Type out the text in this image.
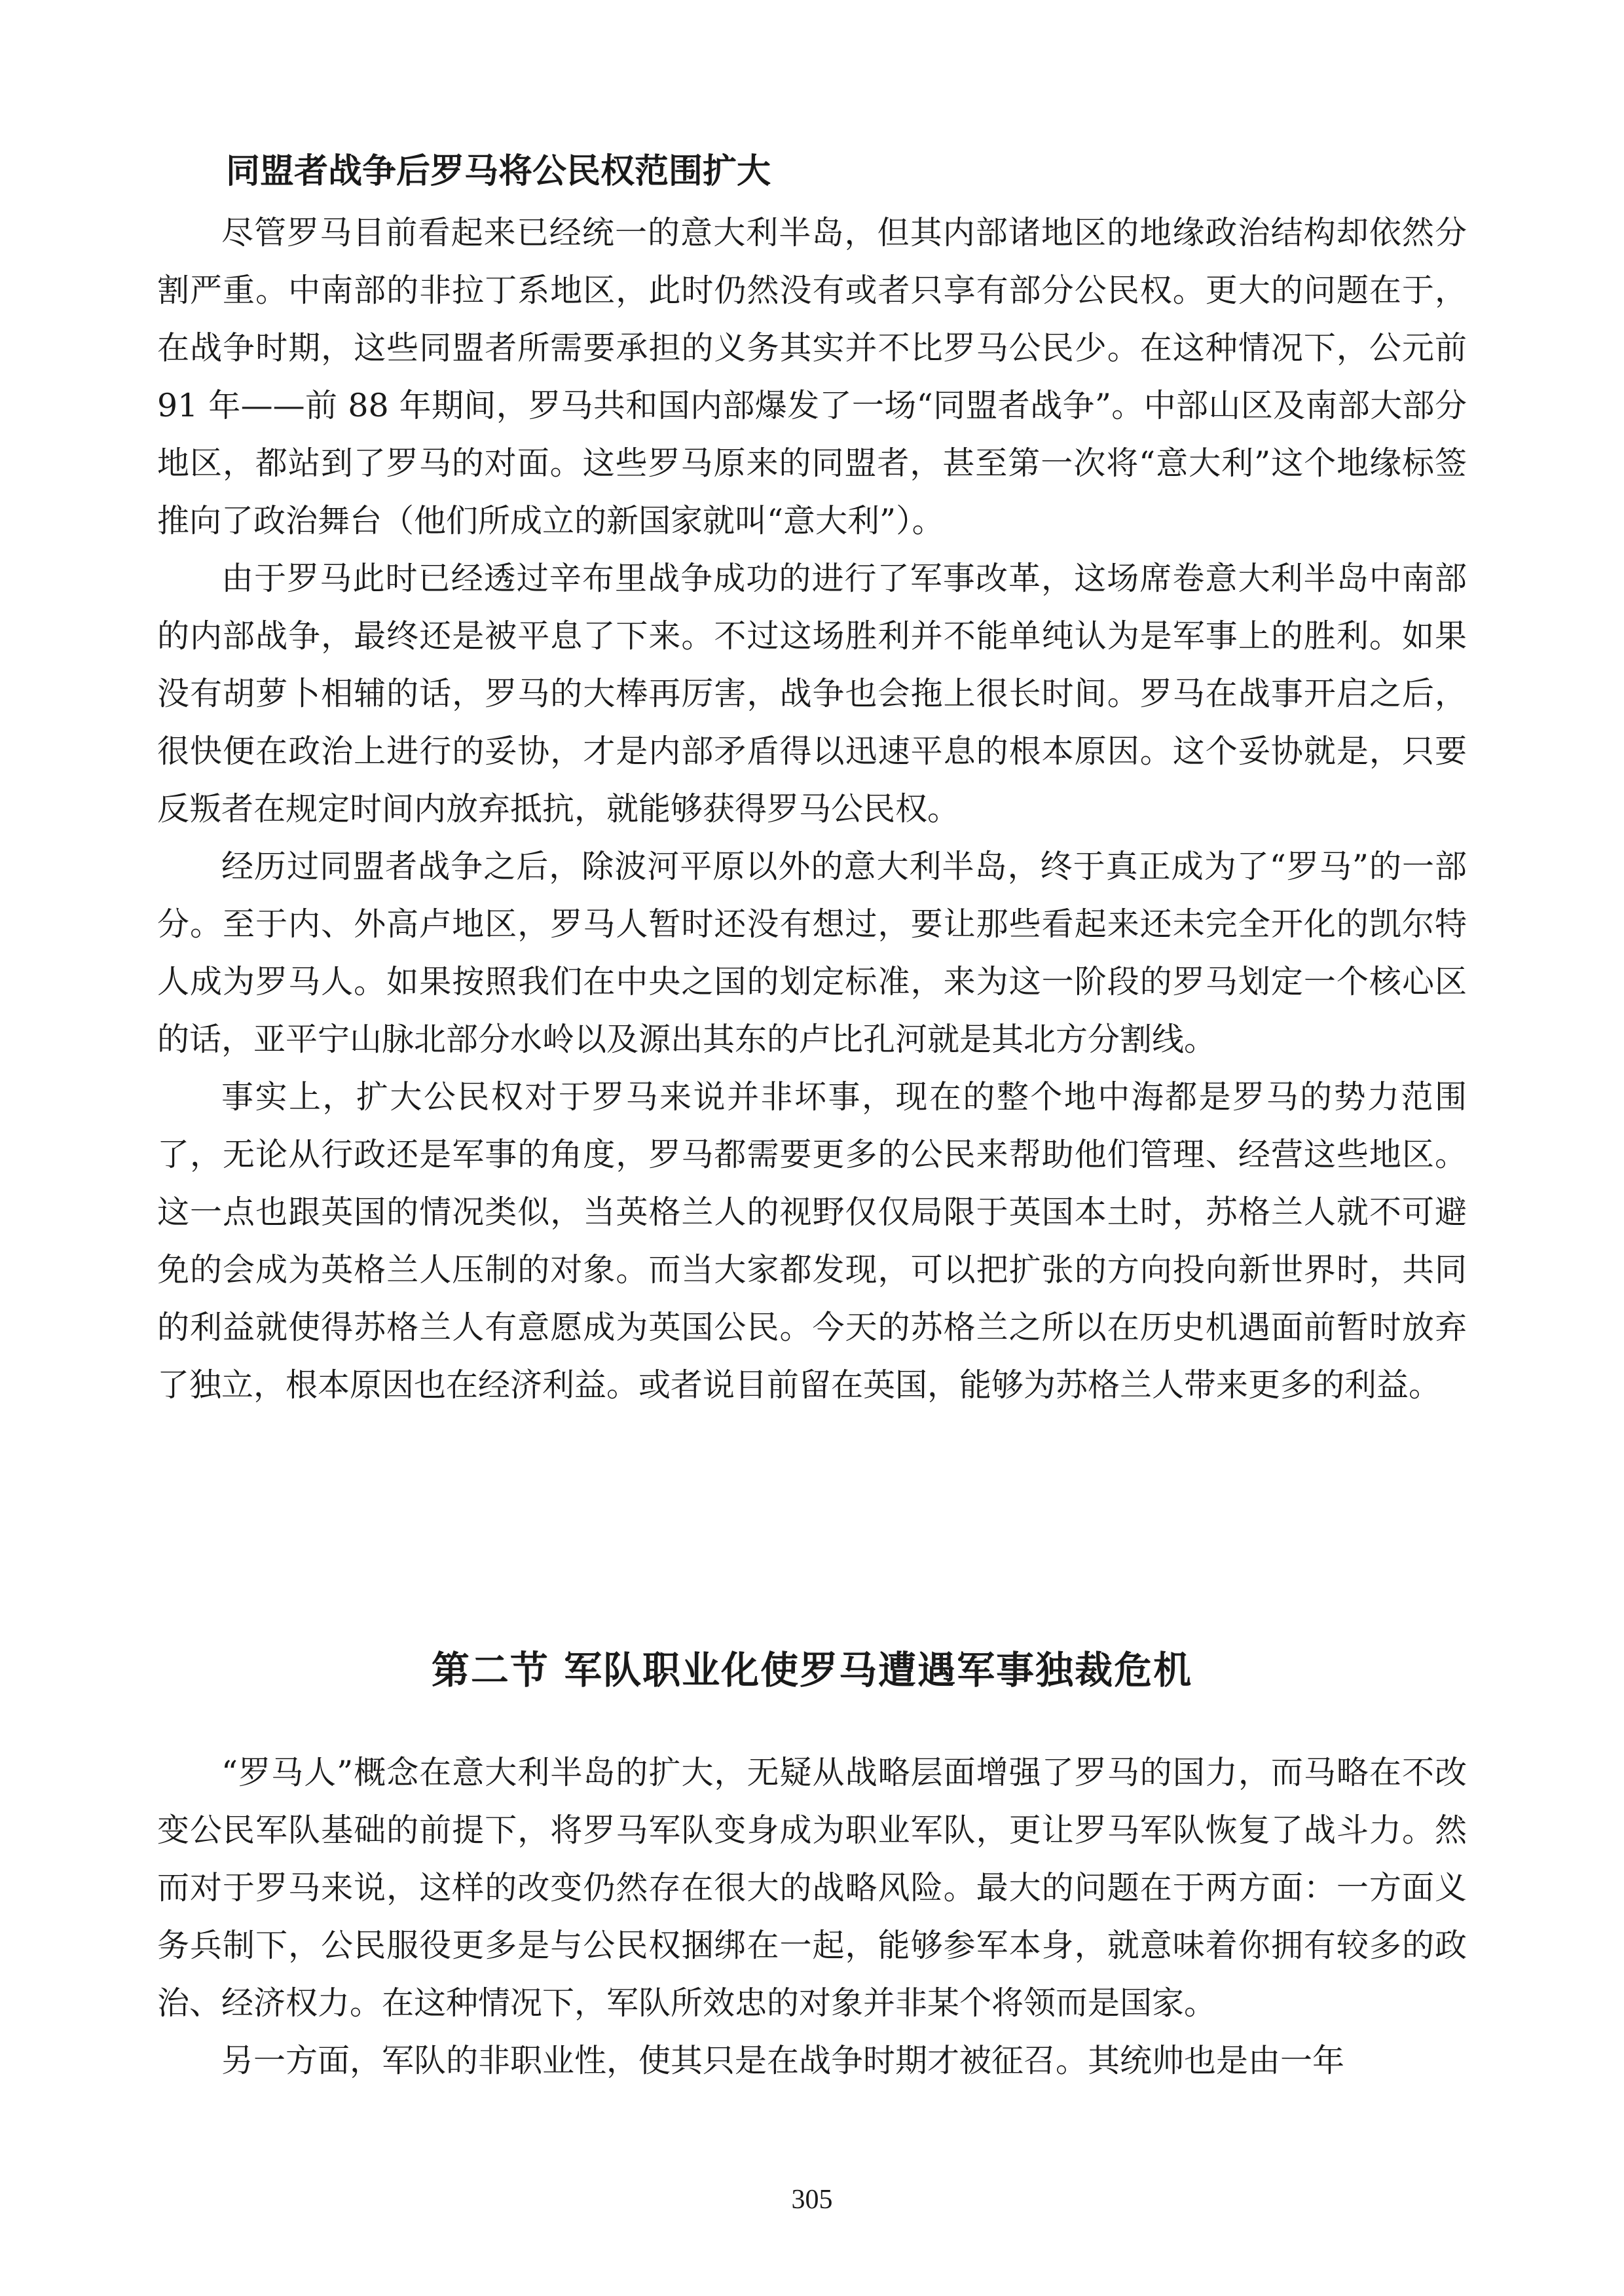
同盟者战争后罗马将公民权范围扩大

尽管罗马目前看起来已经统一的意大利半岛，但其内部诸地区的地缘政治结构却依然分割严重。中南部的非拉丁系地区，此时仍然没有或者只享有部分公民权。更大的问题在于，在战争时期，这些同盟者所需要承担的义务其实并不比罗马公民少。在这种情况下，公元前 91 年——前 88 年期间，罗马共和国内部爆发了一场“同盟者战争”。中部山区及南部大部分地区，都站到了罗马的对面。这些罗马原来的同盟者，甚至第一次将“意大利”这个地缘标签推向了政治舞台（他们所成立的新国家就叫“意大利”）。

由于罗马此时已经透过辛布里战争成功的进行了军事改革，这场席卷意大利半岛中南部的内部战争，最终还是被平息了下来。不过这场胜利并不能单纯认为是军事上的胜利。如果没有胡萝卜相辅的话，罗马的大棒再厉害，战争也会拖上很长时间。罗马在战事开启之后，很快便在政治上进行的妥协，才是内部矛盾得以迅速平息的根本原因。这个妥协就是，只要反叛者在规定时间内放弃抵抗，就能够获得罗马公民权。

经历过同盟者战争之后，除波河平原以外的意大利半岛，终于真正成为了“罗马”的一部分。至于内、外高卢地区，罗马人暂时还没有想过，要让那些看起来还未完全开化的凯尔特人成为罗马人。如果按照我们在中央之国的划定标准，来为这一阶段的罗马划定一个核心区的话，亚平宁山脉北部分水岭以及源出其东的卢比孔河就是其北方分割线。

事实上，扩大公民权对于罗马来说并非坏事，现在的整个地中海都是罗马的势力范围了，无论从行政还是军事的角度，罗马都需要更多的公民来帮助他们管理、经营这些地区。这一点也跟英国的情况类似，当英格兰人的视野仅仅局限于英国本土时，苏格兰人就不可避免的会成为英格兰人压制的对象。而当大家都发现，可以把扩张的方向投向新世界时，共同的利益就使得苏格兰人有意愿成为英国公民。今天的苏格兰之所以在历史机遇面前暂时放弃了独立，根本原因也在经济利益。或者说目前留在英国，能够为苏格兰人带来更多的利益。

第二节 军队职业化使罗马遭遇军事独裁危机

“罗马人”概念在意大利半岛的扩大，无疑从战略层面增强了罗马的国力，而马略在不改变公民军队基础的前提下，将罗马军队变身成为职业军队，更让罗马军队恢复了战斗力。然而对于罗马来说，这样的改变仍然存在很大的战略风险。最大的问题在于两方面：一方面义务兵制下，公民服役更多是与公民权捆绑在一起，能够参军本身，就意味着你拥有较多的政治、经济权力。在这种情况下，军队所效忠的对象并非某个将领而是国家。

另一方面，军队的非职业性，使其只是在战争时期才被征召。其统帅也是由一年

305
